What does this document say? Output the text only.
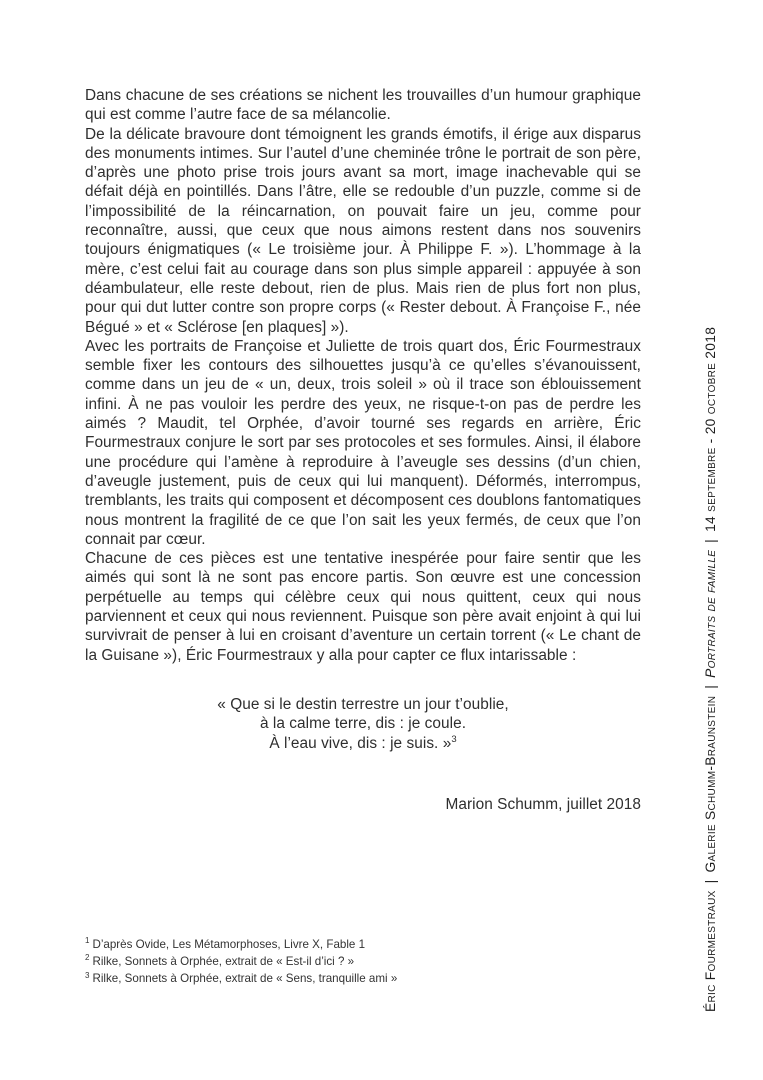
Dans chacune de ses créations se nichent les trouvailles d’un humour graphique qui est comme l’autre face de sa mélancolie.

De la délicate bravoure dont témoignent les grands émotifs, il érige aux disparus des monuments intimes. Sur l’autel d’une cheminée trône le portrait de son père, d’après une photo prise trois jours avant sa mort, image inachevable qui se défait déjà en pointillés. Dans l’âtre, elle se redouble d’un puzzle, comme si de l’impossibilité de la réincarnation, on pouvait faire un jeu, comme pour reconnaître, aussi, que ceux que nous aimons restent dans nos souvenirs toujours énigmatiques (« Le troisième jour. À Philippe F. »). L’hommage à la mère, c’est celui fait au courage dans son plus simple appareil : appuyée à son déambulateur, elle reste debout, rien de plus. Mais rien de plus fort non plus, pour qui dut lutter contre son propre corps (« Rester debout. À Françoise F., née Bégué » et « Sclérose [en plaques] »).

Avec les portraits de Françoise et Juliette de trois quart dos, Éric Fourmestraux semble fixer les contours des silhouettes jusqu’à ce qu’elles s’évanouissent, comme dans un jeu de « un, deux, trois soleil » où il trace son éblouissement infini. À ne pas vouloir les perdre des yeux, ne risque-t-on pas de perdre les aimés ? Maudit, tel Orphée, d’avoir tourné ses regards en arrière, Éric Fourmestraux conjure le sort par ses protocoles et ses formules. Ainsi, il élabore une procédure qui l’amène à reproduire à l’aveugle ses dessins (d’un chien, d’aveugle justement, puis de ceux qui lui manquent). Déformés, interrompus, tremblants, les traits qui composent et décomposent ces doublons fantomatiques nous montrent la fragilité de ce que l’on sait les yeux fermés, de ceux que l’on connait par cœur.

Chacune de ces pièces est une tentative inespérée pour faire sentir que les aimés qui sont là ne sont pas encore partis. Son œuvre est une concession perpétuelle au temps qui célèbre ceux qui nous quittent, ceux qui nous parviennent et ceux qui nous reviennent. Puisque son père avait enjoint à qui lui survivrait de penser à lui en croisant d’aventure un certain torrent (« Le chant de la Guisane »), Éric Fourmestraux y alla pour capter ce flux intarissable :

« Que si le destin terrestre un jour t’oublie,
à la calme terre, dis : je coule.
À l’eau vive, dis : je suis. »$^3$
Marion Schumm, juillet 2018
$^1$ D’après Ovide, Les Métamorphoses, Livre X, Fable 1
$^2$ Rilke, Sonnets à Orphée, extrait de « Est-il d’ici ? »
$^3$ Rilke, Sonnets à Orphée, extrait de « Sens, tranquille ami »	Éric Fourmestraux|Galerie Schumm-Braunstein|Portraits de famille|14 septembre - 20 octobre 2018
